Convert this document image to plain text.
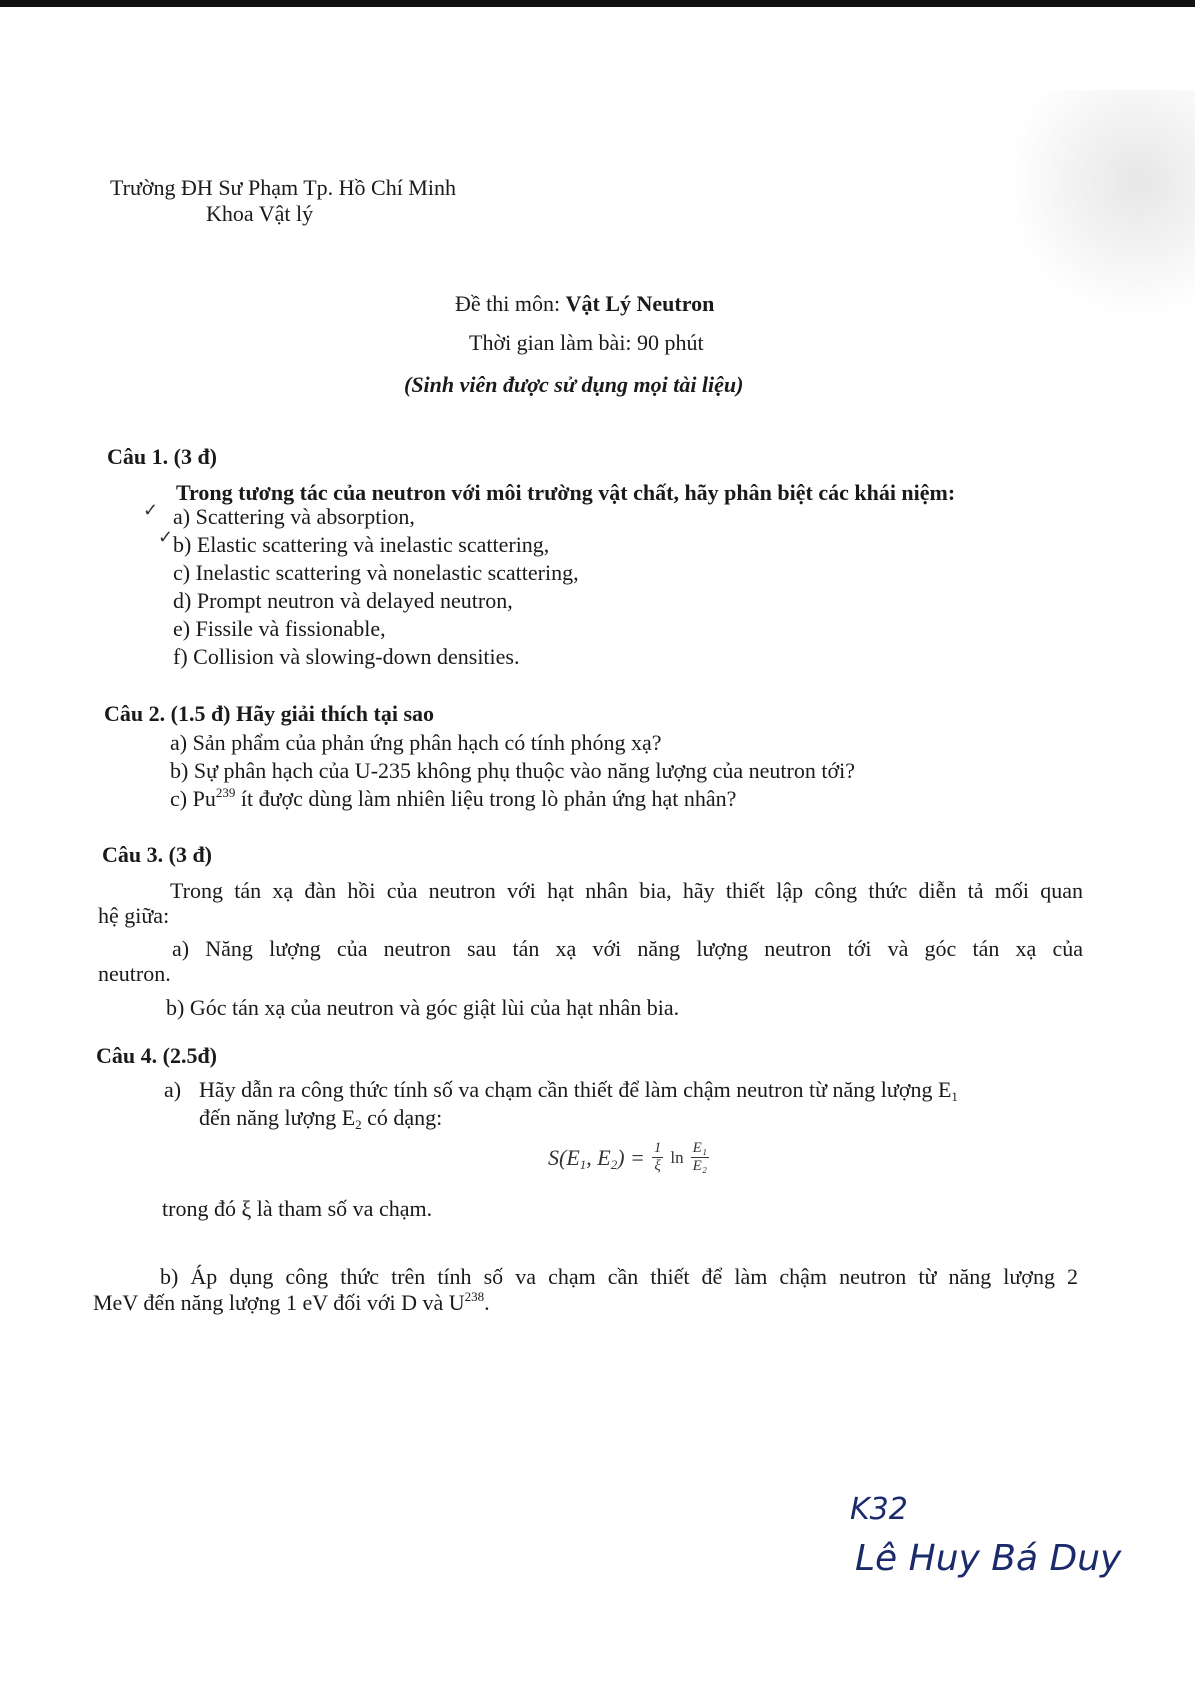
Trường ĐH Sư Phạm Tp. Hồ Chí Minh
Khoa Vật lý
Đề thi môn: Vật Lý Neutron
Thời gian làm bài: 90 phút
(Sinh viên được sử dụng mọi tài liệu)
Câu 1. (3 đ)
Trong tương tác của neutron với môi trường vật chất, hãy phân biệt các khái niệm:
✓
✓
a) Scattering và absorption,
b) Elastic scattering và inelastic scattering,
c) Inelastic scattering và nonelastic scattering,
d) Prompt neutron và delayed neutron,
e) Fissile và fissionable,
f) Collision và slowing-down densities.
Câu 2. (1.5 đ) Hãy giải thích tại sao
a) Sản phẩm của phản ứng phân hạch có tính phóng xạ?
b) Sự phân hạch của U-235 không phụ thuộc vào năng lượng của neutron tới?
c) Pu$^{239}$ ít được dùng làm nhiên liệu trong lò phản ứng hạt nhân?
Câu 3. (3 đ)
Trong tán xạ đàn hồi của neutron với hạt nhân bia, hãy thiết lập công thức diễn tả mối quan
hệ giữa:
a) Năng lượng của neutron sau tán xạ với năng lượng neutron tới và góc tán xạ của
neutron.
b) Góc tán xạ của neutron và góc giật lùi của hạt nhân bia.
Câu 4. (2.5đ)
a) Hãy dẫn ra công thức tính số va chạm cần thiết để làm chậm neutron từ năng lượng $E_1$
đến năng lượng $E_2$ có dạng:
$S(E_1$, $E_2) = \frac{1}{\xi}$ $\ln \frac{\text{E₁}}{\text{E₂}}$
trong đó ξ là tham số va chạm.
b) Áp dụng công thức trên tính số va chạm cần thiết để làm chậm neutron từ năng lượng 2
MeV đến năng lượng 1 eV đối với D và $U^{238}$.
K32
Lê Huy Bá Duy
